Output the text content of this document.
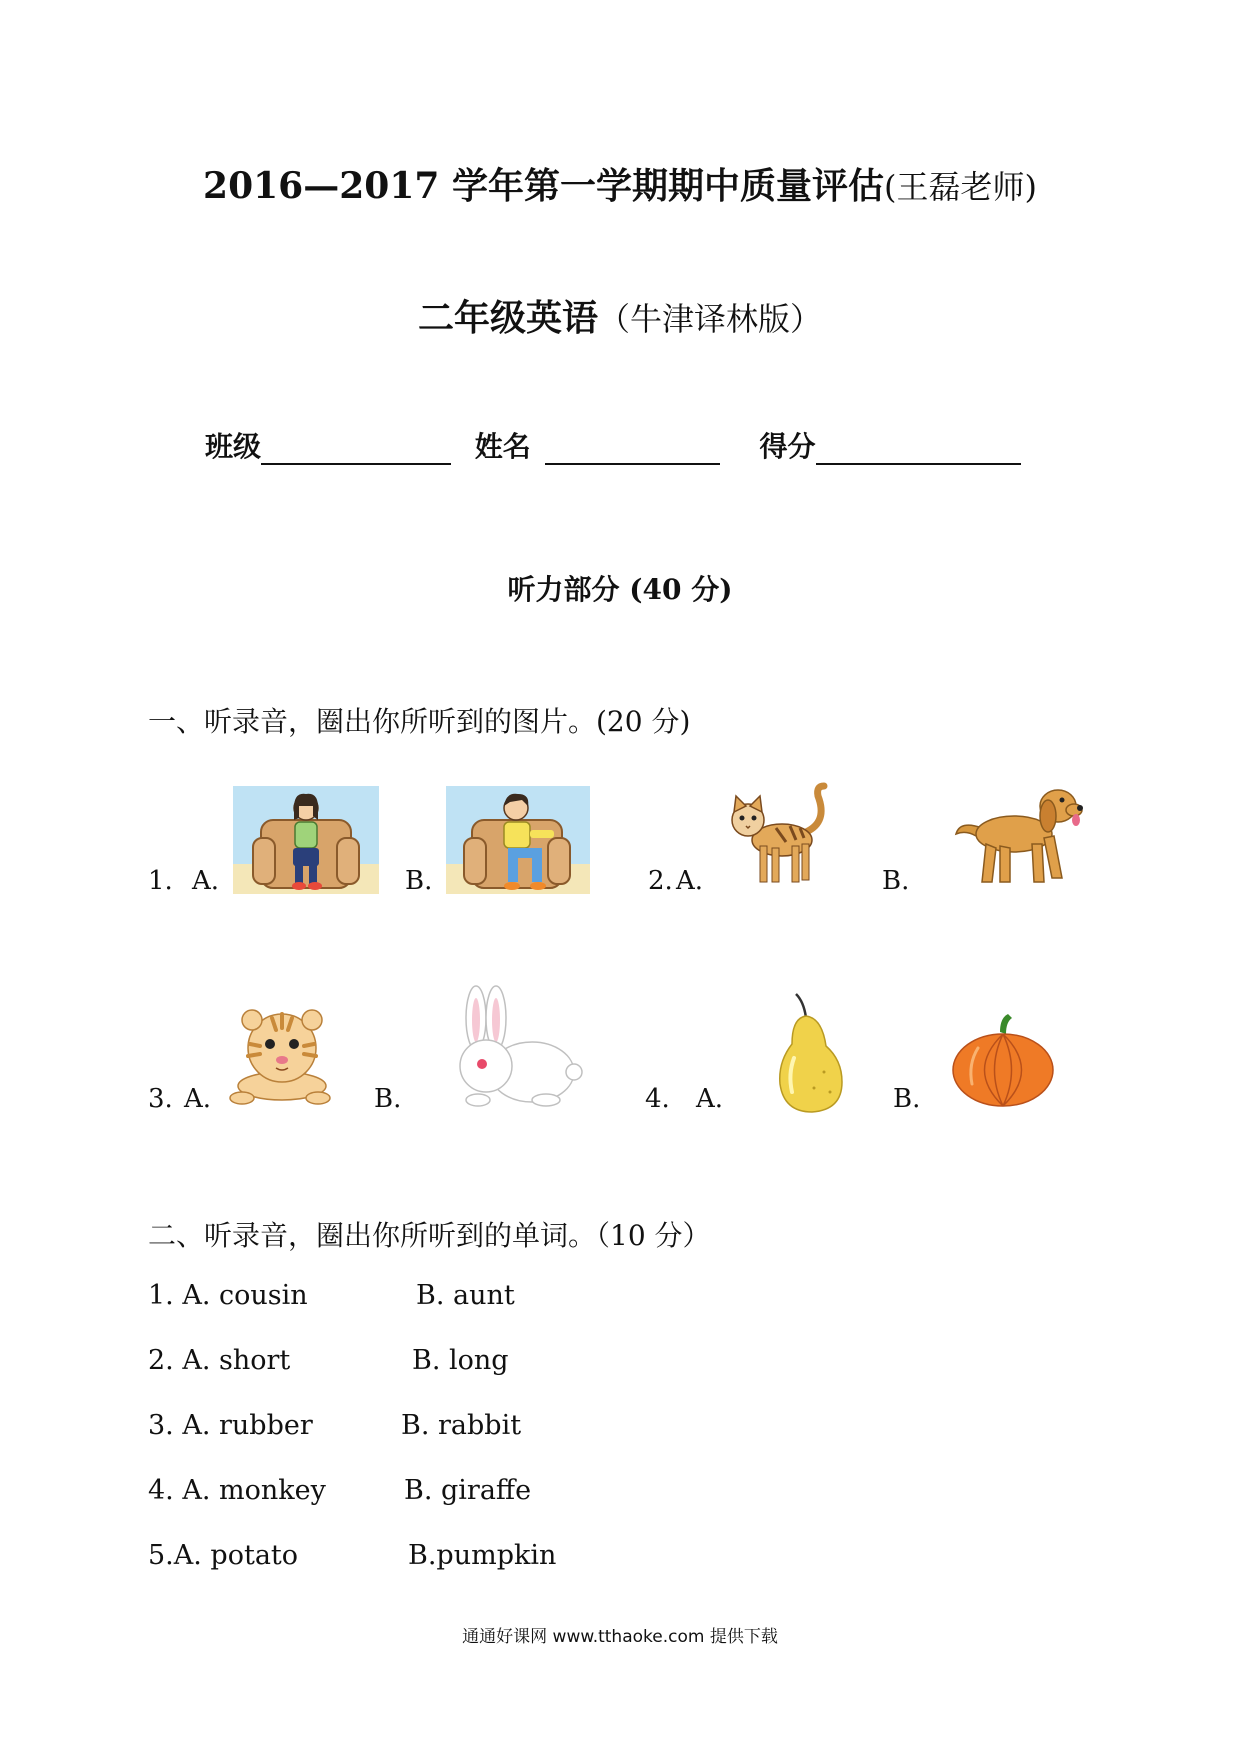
2016—2017 学年第一学期期中质量评估(王磊老师)
二年级英语（牛津译林版）
班级	姓名	得分
听力部分 (40 分)
一、听录音，圈出你所听到的图片。(20 分)
1. A.	B.	2. A.	B.
3. A.	B.	4. A.	B.
二、听录音，圈出你所听到的单词。（10 分）
1. A. cousin	B. aunt
2. A. short	B. long
3. A. rubber	B. rabbit
4. A. monkey	B. giraffe
5.A. potato	B.pumpkin
通通好课网 www.tthaoke.com 提供下载
